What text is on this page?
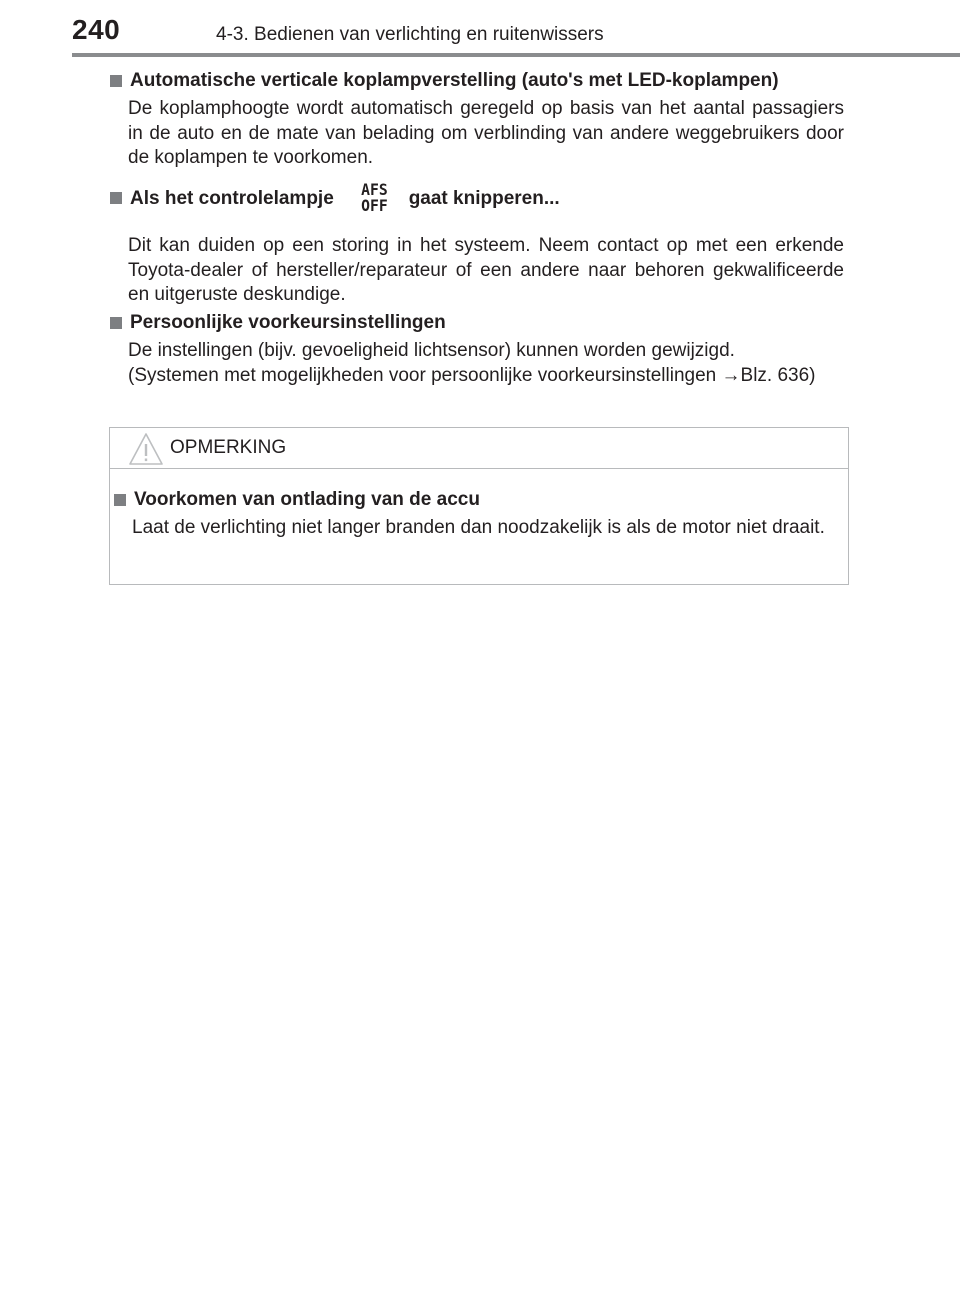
240	4-3. Bedienen van verlichting en ruitenwissers
Automatische verticale koplampverstelling (auto's met LED-koplampen)
De koplamphoogte wordt automatisch geregeld op basis van het aantal passagiers in de auto en de mate van belading om verblinding van andere weggebruikers door de koplampen te voorkomen.
Als het controlelampje AFS
OFF gaat knipperen...
Dit kan duiden op een storing in het systeem. Neem contact op met een erkende Toyota-dealer of hersteller/reparateur of een andere naar behoren gekwalificeerde en uitgeruste deskundige.
Persoonlijke voorkeursinstellingen
De instellingen (bijv. gevoeligheid lichtsensor) kunnen worden gewijzigd.
(Systemen met mogelijkheden voor persoonlijke voorkeursinstellingen →Blz. 636)
OPMERKING
Voorkomen van ontlading van de accu
Laat de verlichting niet langer branden dan noodzakelijk is als de motor niet draait.
